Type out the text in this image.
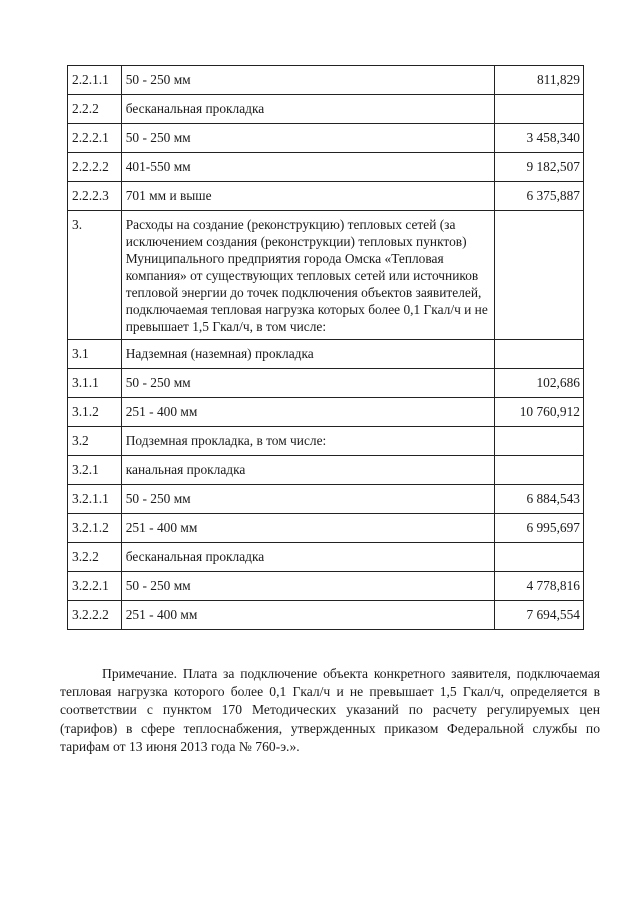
2.2.1.1	50 - 250 мм	811,829
2.2.2	бесканальная прокладка	
2.2.2.1	50 - 250 мм	3 458,340
2.2.2.2	401-550 мм	9 182,507
2.2.2.3	701 мм и выше	6 375,887
3.	Расходы на создание (реконструкцию) тепловых сетей (за исключением создания (реконструкции) тепловых пунктов) Муниципального предприятия города Омска «Тепловая компания» от существующих тепловых сетей или источников тепловой энергии до точек подключения объектов заявителей, подключаемая тепловая нагрузка которых более 0,1 Гкал/ч и не превышает 1,5 Гкал/ч, в том числе:	
3.1	Надземная (наземная) прокладка	
3.1.1	50 - 250 мм	102,686
3.1.2	251 - 400 мм	10 760,912
3.2	Подземная прокладка, в том числе:	
3.2.1	канальная прокладка	
3.2.1.1	50 - 250 мм	6 884,543
3.2.1.2	251 - 400 мм	6 995,697
3.2.2	бесканальная прокладка	
3.2.2.1	50 - 250 мм	4 778,816
3.2.2.2	251 - 400 мм	7 694,554

Примечание. Плата за подключение объекта конкретного заявителя, подключаемая тепловая нагрузка которого более 0,1 Гкал/ч и не превышает 1,5 Гкал/ч, определяется в соответствии с пунктом 170 Методических указаний по расчету регулируемых цен (тарифов) в сфере теплоснабжения, утвержденных приказом Федеральной службы по тарифам от 13 июня 2013 года № 760-э.».
